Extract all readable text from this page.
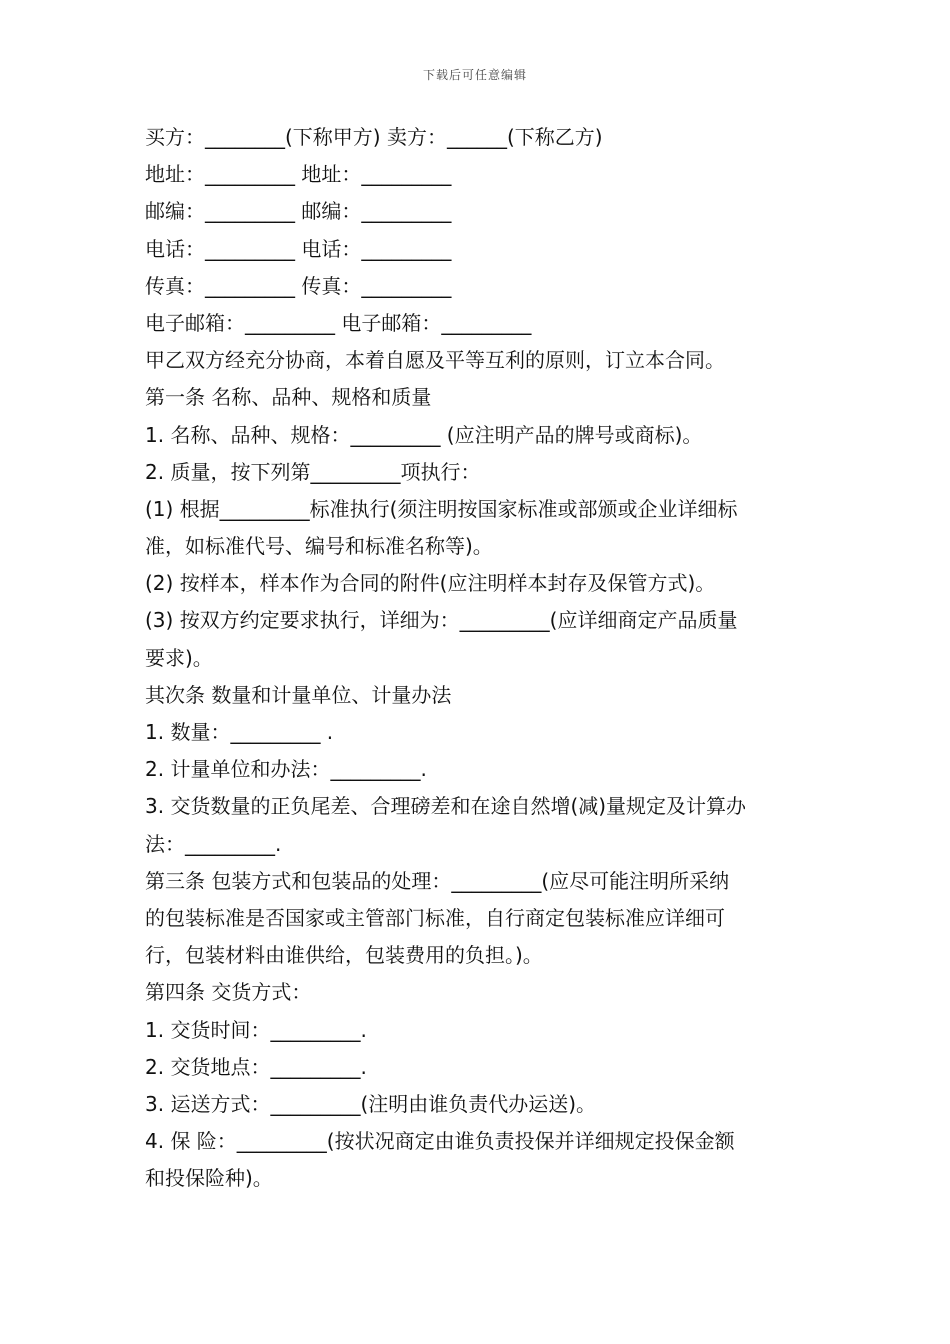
下载后可任意编辑
买方：________(下称甲方) 卖方：______(下称乙方)
地址：_________ 地址：_________
邮编：_________ 邮编：_________
电话：_________ 电话：_________
传真：_________ 传真：_________
电子邮箱：_________ 电子邮箱：_________
甲乙双方经充分协商，本着自愿及平等互利的原则，订立本合同。
第一条 名称、品种、规格和质量
1. 名称、品种、规格：_________ (应注明产品的牌号或商标)。
2. 质量，按下列第_________项执行：
(1) 根据_________标准执行(须注明按国家标准或部颁或企业详细标
准，如标准代号、编号和标准名称等)。
(2) 按样本，样本作为合同的附件(应注明样本封存及保管方式)。
(3) 按双方约定要求执行，详细为：_________(应详细商定产品质量
要求)。
其次条 数量和计量单位、计量办法
1. 数量：_________ .
2. 计量单位和办法：_________.
3. 交货数量的正负尾差、合理磅差和在途自然增(减)量规定及计算办
法：_________.
第三条 包装方式和包装品的处理：_________(应尽可能注明所采纳
的包装标准是否国家或主管部门标准，自行商定包装标准应详细可
行，包装材料由谁供给，包装费用的负担。)。
第四条 交货方式：
1. 交货时间：_________.
2. 交货地点：_________.
3. 运送方式：_________(注明由谁负责代办运送)。
4. 保 险：_________(按状况商定由谁负责投保并详细规定投保金额
和投保险种)。
